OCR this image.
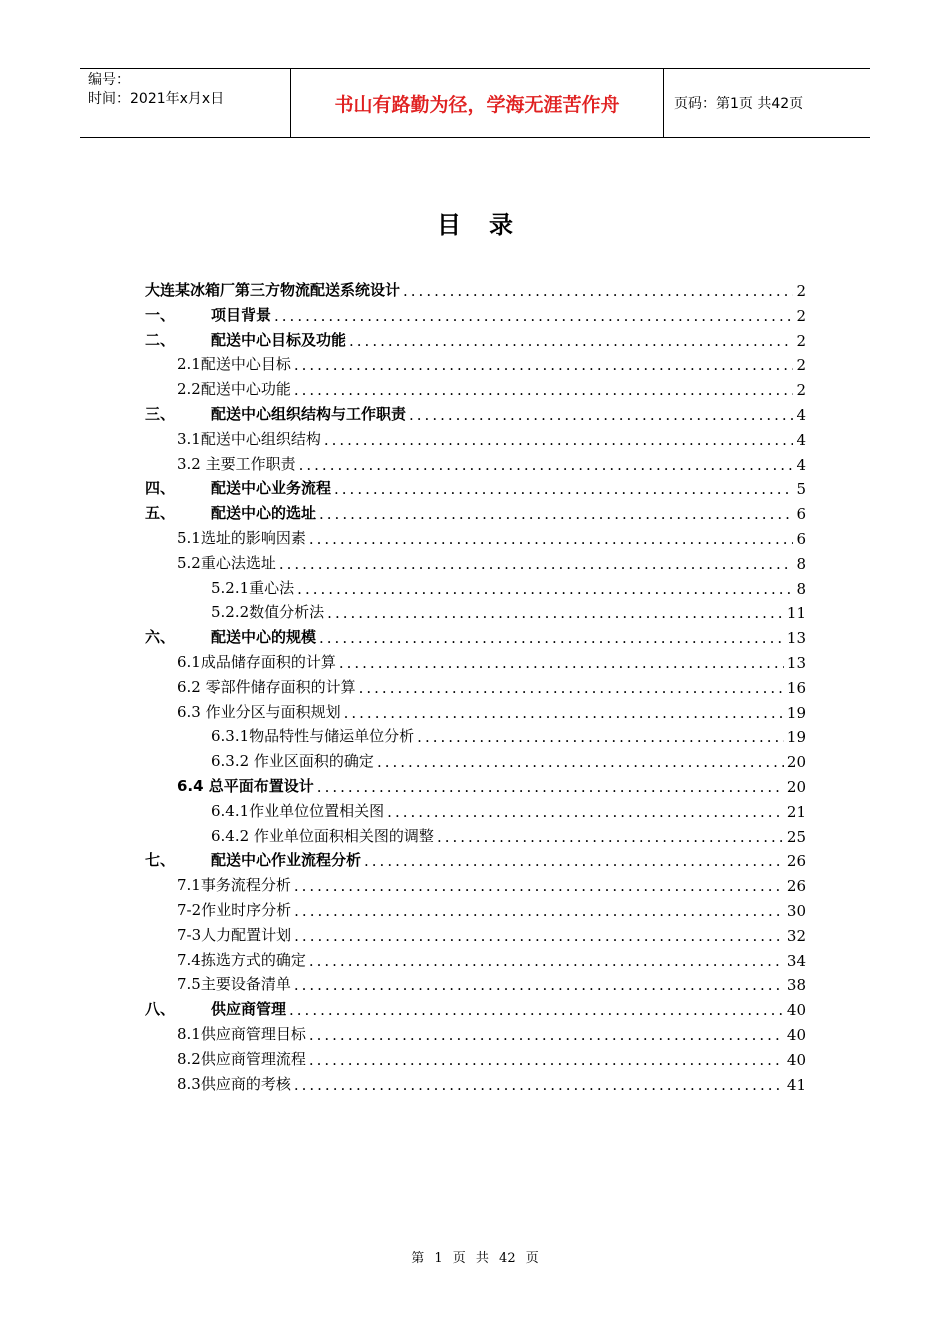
编号：
时间：2021年x月x日	书山有路勤为径，学海无涯苦作舟	页码：第1页 共42页
目录
大连某冰箱厂第三方物流配送系统设计 .....	2
一、	项目背景 .....	2
二、	配送中心目标及功能 .....	2
2.1配送中心目标 .....	2
2.2配送中心功能 .....	2
三、	配送中心组织结构与工作职责 .....	4
3.1配送中心组织结构 .....	4
3.2 主要工作职责 .....	4
四、	配送中心业务流程 .....	5
五、	配送中心的选址 .....	6
5.1选址的影响因素 .....	6
5.2重心法选址 .....	8
5.2.1重心法 .....	8
5.2.2数值分析法 .....	11
六、	配送中心的规模 .....	13
6.1成品储存面积的计算 .....	13
6.2 零部件储存面积的计算 .....	16
6.3 作业分区与面积规划 .....	19
6.3.1物品特性与储运单位分析 .....	19
6.3.2 作业区面积的确定 .....	20
6.4 总平面布置设计 .....	20
6.4.1作业单位位置相关图 .....	21
6.4.2 作业单位面积相关图的调整 .....	25
七、	配送中心作业流程分析 .....	26
7.1事务流程分析 .....	26
7-2作业时序分析 .....	30
7-3人力配置计划 .....	32
7.4拣选方式的确定 .....	34
7.5主要设备清单 .....	38
八、	供应商管理 .....	40
8.1供应商管理目标 .....	40
8.2供应商管理流程 .....	40
8.3供应商的考核 .....	41
第 1 页 共 42 页
